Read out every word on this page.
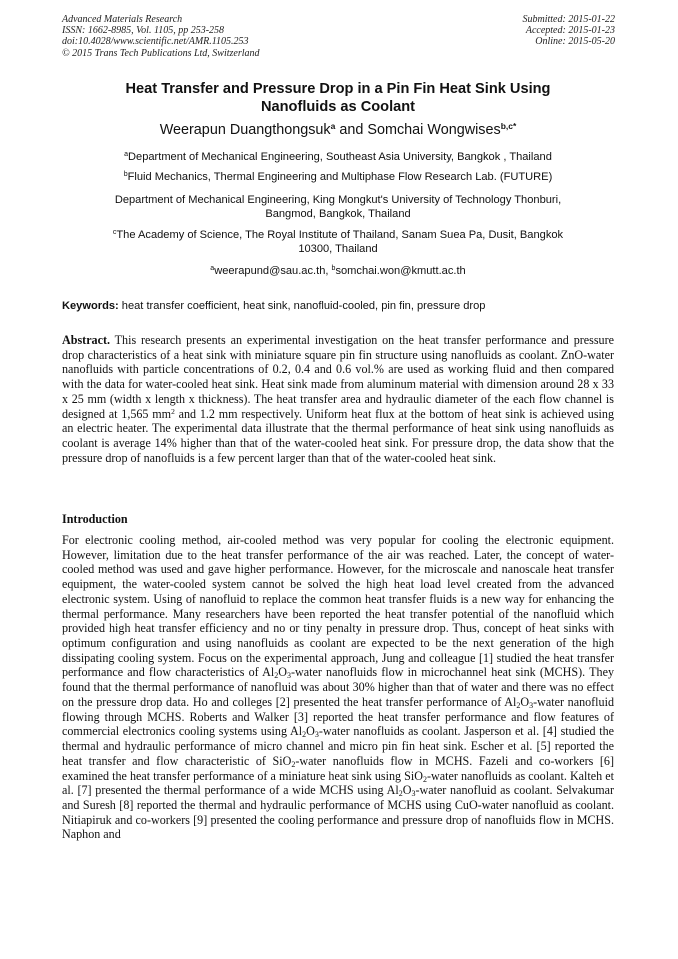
Advanced Materials Research
ISSN: 1662-8985, Vol. 1105, pp 253-258
doi:10.4028/www.scientific.net/AMR.1105.253
© 2015 Trans Tech Publications Ltd, Switzerland
Submitted: 2015-01-22
Accepted: 2015-01-23
Online: 2015-05-20
Heat Transfer and Pressure Drop in a Pin Fin Heat Sink Using
Nanofluids as Coolant
Weerapun Duangthongsuk$^a$ and Somchai Wongwises$^{b,c*}$
$^a$Department of Mechanical Engineering, Southeast Asia University, Bangkok , Thailand
$^b$Fluid Mechanics, Thermal Engineering and Multiphase Flow Research Lab. (FUTURE)
Department of Mechanical Engineering, King Mongkut's University of Technology Thonburi,
Bangmod, Bangkok, Thailand
$^c$The Academy of Science, The Royal Institute of Thailand, Sanam Suea Pa, Dusit, Bangkok
10300, Thailand
$^a$weerapund@sau.ac.th, $^b$somchai.won@kmutt.ac.th
Keywords: heat transfer coefficient, heat sink, nanofluid-cooled, pin fin, pressure drop
Abstract. This research presents an experimental investigation on the heat transfer performance and pressure drop characteristics of a heat sink with miniature square pin fin structure using nanofluids as coolant. ZnO-water nanofluids with particle concentrations of 0.2, 0.4 and 0.6 vol.% are used as working fluid and then compared with the data for water-cooled heat sink. Heat sink made from aluminum material with dimension around 28 x 33 x 25 mm (width x length x thickness). The heat transfer area and hydraulic diameter of the each flow channel is designed at 1,565 $mm^2$ and 1.2 mm respectively. Uniform heat flux at the bottom of heat sink is achieved using an electric heater. The experimental data illustrate that the thermal performance of heat sink using nanofluids as coolant is average 14% higher than that of the water-cooled heat sink. For pressure drop, the data show that the pressure drop of nanofluids is a few percent larger than that of the water-cooled heat sink.
Introduction
For electronic cooling method, air-cooled method was very popular for cooling the electronic equipment. However, limitation due to the heat transfer performance of the air was reached. Later, the concept of water-cooled method was used and gave higher performance. However, for the microscale and nanoscale heat transfer equipment, the water-cooled system cannot be solved the high heat load level created from the advanced electronic system. Using of nanofluid to replace the common heat transfer fluids is a new way for enhancing the thermal performance. Many researchers have been reported the heat transfer potential of the nanofluid which provided high heat transfer efficiency and no or tiny penalty in pressure drop. Thus, concept of heat sinks with optimum configuration and using nanofluids as coolant are expected to be the next generation of the high dissipating cooling system. Focus on the experimental approach, Jung and colleague [1] studied the heat transfer performance and flow characteristics of $Al_2O_3$-water nanofluids flow in microchannel heat sink (MCHS). They found that the thermal performance of nanofluid was about 30% higher than that of water and there was no effect on the pressure drop data. Ho and colleges [2] presented the heat transfer performance of $Al_2O_3$-water nanofluid flowing through MCHS. Roberts and Walker [3] reported the heat transfer performance and flow features of commercial electronics cooling systems using $Al_2O_3$-water nanofluids as coolant. Jasperson et al. [4] studied the thermal and hydraulic performance of micro channel and micro pin fin heat sink. Escher et al. [5] reported the heat transfer and flow characteristic of SiO$_2$-water nanofluids flow in MCHS. Fazeli and co-workers [6] examined the heat transfer performance of a miniature heat sink using SiO$_2$-water nanofluids as coolant. Kalteh et al. [7] presented the thermal performance of a wide MCHS using $Al_2O_3$-water nanofluid as coolant. Selvakumar and Suresh [8] reported the thermal and hydraulic performance of MCHS using CuO-water nanofluid as coolant. Nitiapiruk and co-workers [9] presented the cooling performance and pressure drop of nanofluids flow in MCHS. Naphon and
